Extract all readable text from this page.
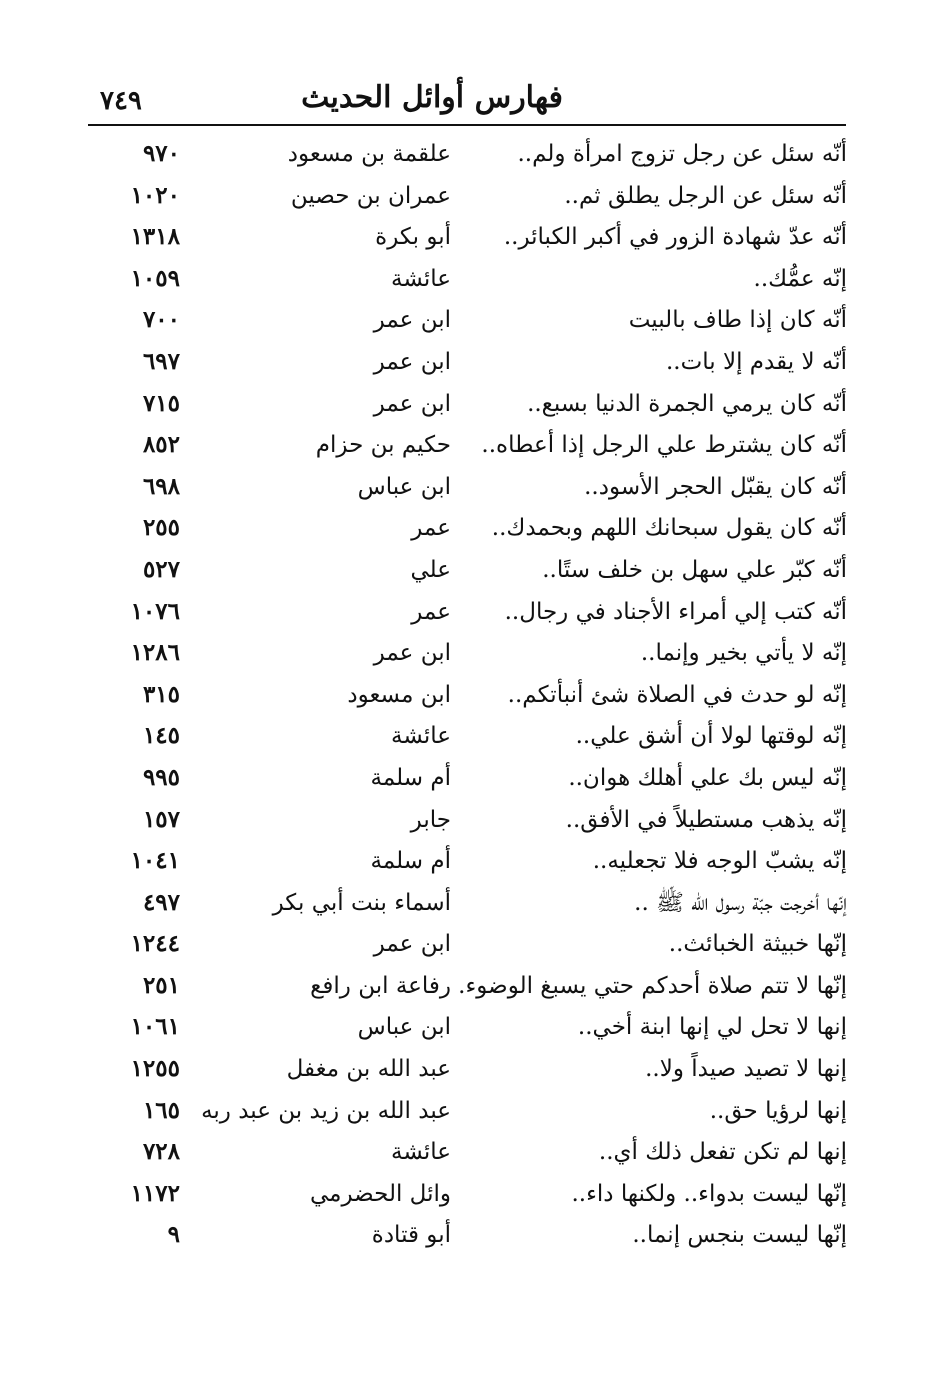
٧٤٩	فهارس أوائل الحديث
أنّه سئل عن رجل تزوج امرأة ولم..
علقمة بن مسعود
٩٧٠
أنّه سئل عن الرجل يطلق ثم..
عمران بن حصين
١٠٢٠
أنّه عدّ شهادة الزور في أكبر الكبائر..
أبو بكرة
١٣١٨
إنّه عمُّك..
عائشة
١٠٥٩
أنّه كان إذا طاف بالبيت
ابن عمر
٧٠٠
أنّه لا يقدم إلا بات..
ابن عمر
٦٩٧
أنّه كان يرمي الجمرة الدنيا بسبع..
ابن عمر
٧١٥
أنّه كان يشترط علي الرجل إذا أعطاه..
حكيم بن حزام
٨٥٢
أنّه كان يقبّل الحجر الأسود..
ابن عباس
٦٩٨
أنّه كان يقول سبحانك اللهم وبحمدك..
عمر
٢٥٥
أنّه كبّر علي سهل بن خلف ستًا..
علي
٥٢٧
أنّه كتب إلي أمراء الأجناد في رجال..
عمر
١٠٧٦
إنّه لا يأتي بخير وإنما..
ابن عمر
١٢٨٦
إنّه لو حدث في الصلاة شئ أنبأتكم..
ابن مسعود
٣١٥
إنّه لوقتها لولا أن أشق علي..
عائشة
١٤٥
إنّه ليس بك علي أهلك هوان..
أم سلمة
٩٩٥
إنّه يذهب مستطيلاً في الأفق..
جابر
١٥٧
إنّه يشبّ الوجه فلا تجعليه..
أم سلمة
١٠٤١
إنّها أخرجت جبّة رسول الله ﷺ ..
أسماء بنت أبي بكر
٤٩٧
إنّها خبيثة الخبائث..
ابن عمر
١٢٤٤
إنّها لا تتم صلاة أحدكم حتي يسبغ الوضوء.
رفاعة ابن رافع
٢٥١
إنها لا تحل لي إنها ابنة أخي..
ابن عباس
١٠٦١
إنها لا تصيد صيداً ولا..
عبد الله بن مغفل
١٢٥٥
إنها لرؤيا حق..
عبد الله بن زيد بن عبد ربه
١٦٥
إنها لم تكن تفعل ذلك أي..
عائشة
٧٢٨
إنّها ليست بدواء.. ولكنها داء..
وائل الحضرمي
١١٧٢
إنّها ليست بنجس إنما..
أبو قتادة
٩
